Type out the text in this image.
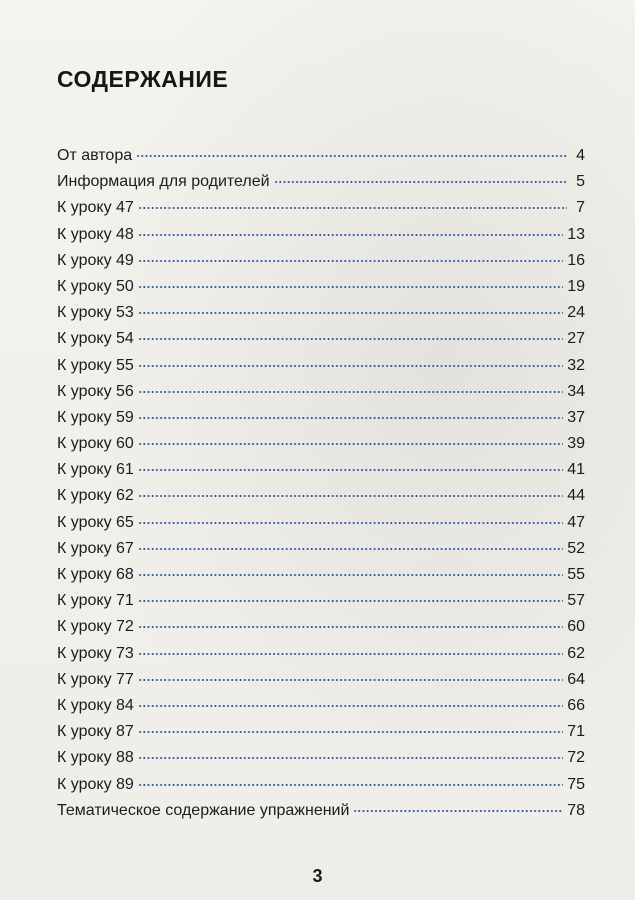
СОДЕРЖАНИЕ
От автора	4
Информация для родителей	5
К уроку 47	7
К уроку 48	13
К уроку 49	16
К уроку 50	19
К уроку 53	24
К уроку 54	27
К уроку 55	32
К уроку 56	34
К уроку 59	37
К уроку 60	39
К уроку 61	41
К уроку 62	44
К уроку 65	47
К уроку 67	52
К уроку 68	55
К уроку 71	57
К уроку 72	60
К уроку 73	62
К уроку 77	64
К уроку 84	66
К уроку 87	71
К уроку 88	72
К уроку 89	75
Тематическое содержание упражнений	78
3
